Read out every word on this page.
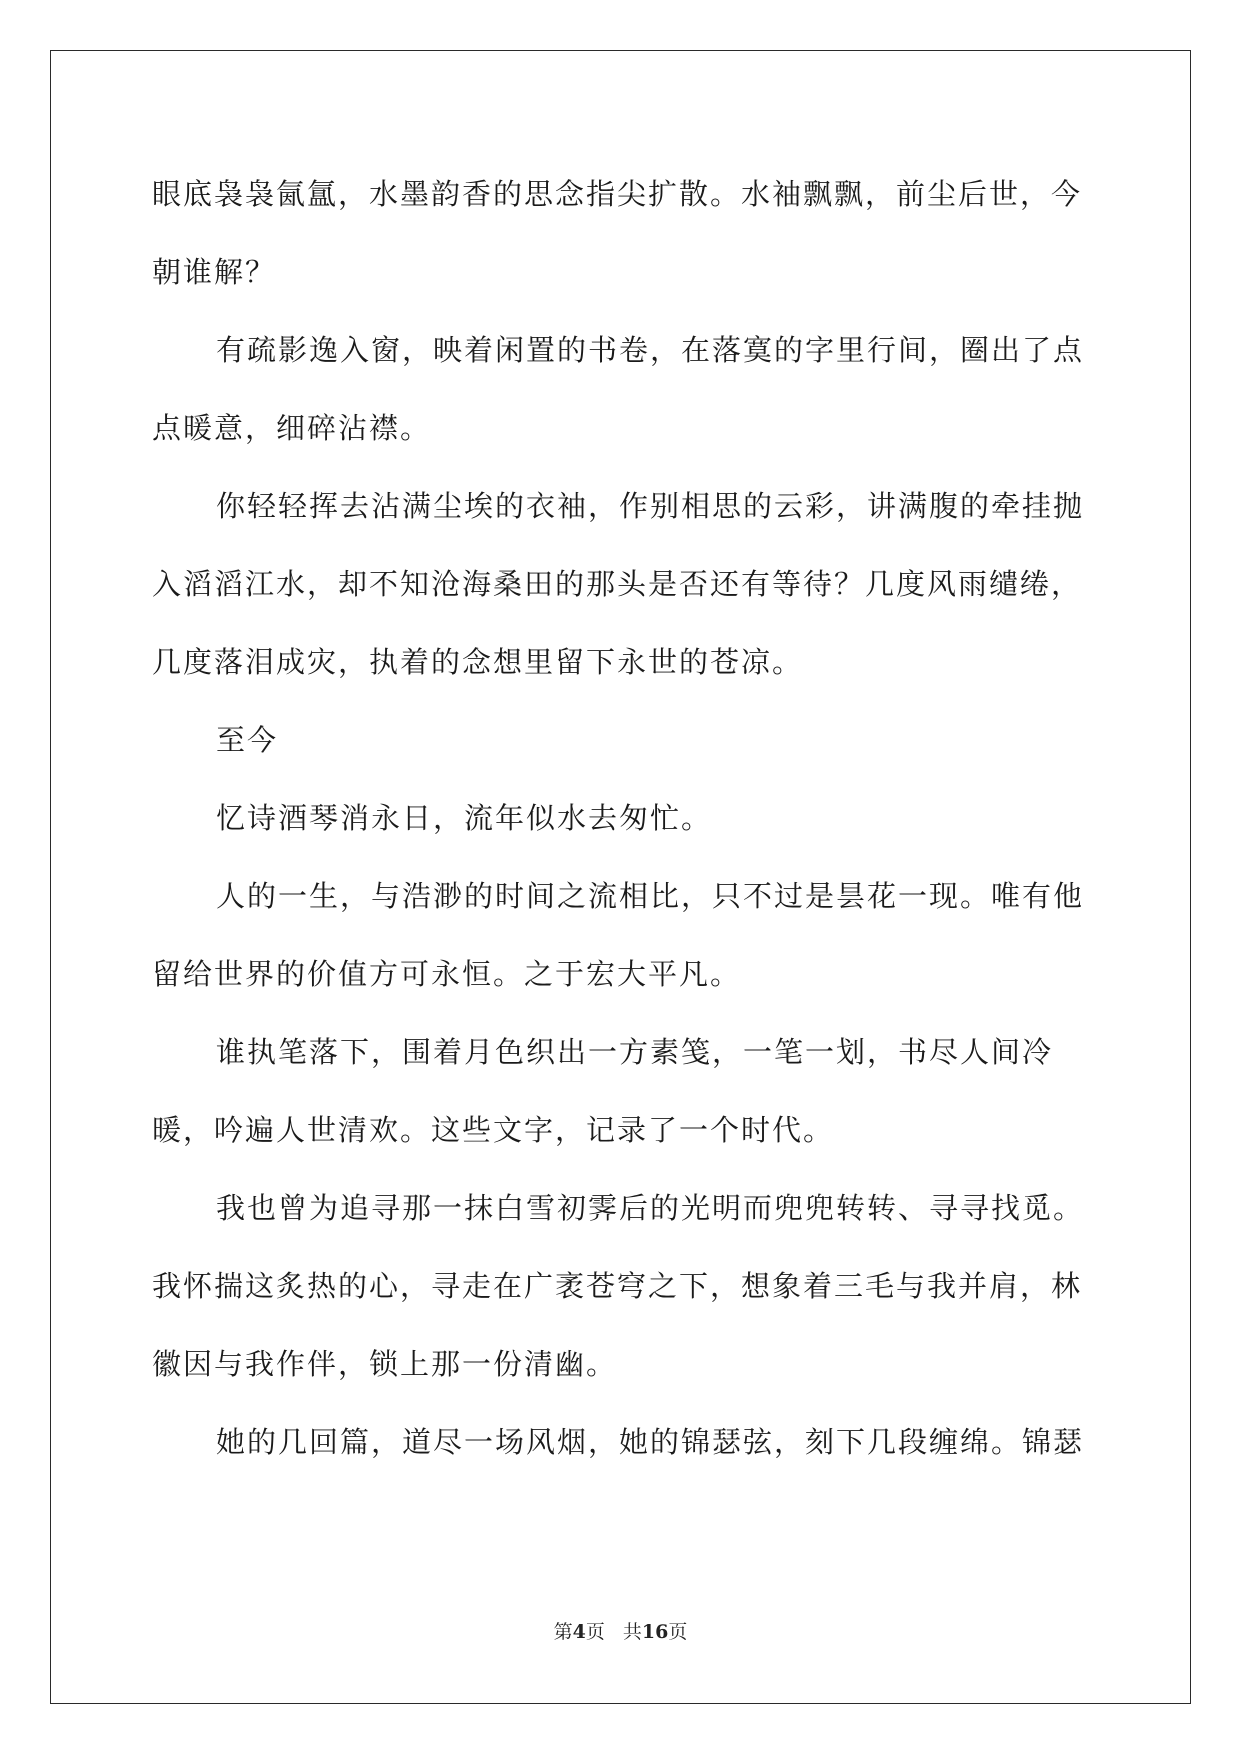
眼底袅袅氤氲，水墨韵香的思念指尖扩散。水袖飘飘，前尘后世，今朝谁解？

有疏影逸入窗，映着闲置的书卷，在落寞的字里行间，圈出了点点暖意，细碎沾襟。

你轻轻挥去沾满尘埃的衣袖，作别相思的云彩，讲满腹的牵挂抛入滔滔江水，却不知沧海桑田的那头是否还有等待？几度风雨缱绻，几度落泪成灾，执着的念想里留下永世的苍凉。

至今

忆诗酒琴消永日，流年似水去匆忙。

人的一生，与浩渺的时间之流相比，只不过是昙花一现。唯有他留给世界的价值方可永恒。之于宏大平凡。

谁执笔落下，围着月色织出一方素笺，一笔一划，书尽人间冷暖，吟遍人世清欢。这些文字，记录了一个时代。

我也曾为追寻那一抹白雪初霁后的光明而兜兜转转、寻寻找觅。我怀揣这炙热的心，寻走在广袤苍穹之下，想象着三毛与我并肩，林徽因与我作伴，锁上那一份清幽。

她的几回篇，道尽一场风烟，她的锦瑟弦，刻下几段缠绵。锦瑟

第4页 共16页
